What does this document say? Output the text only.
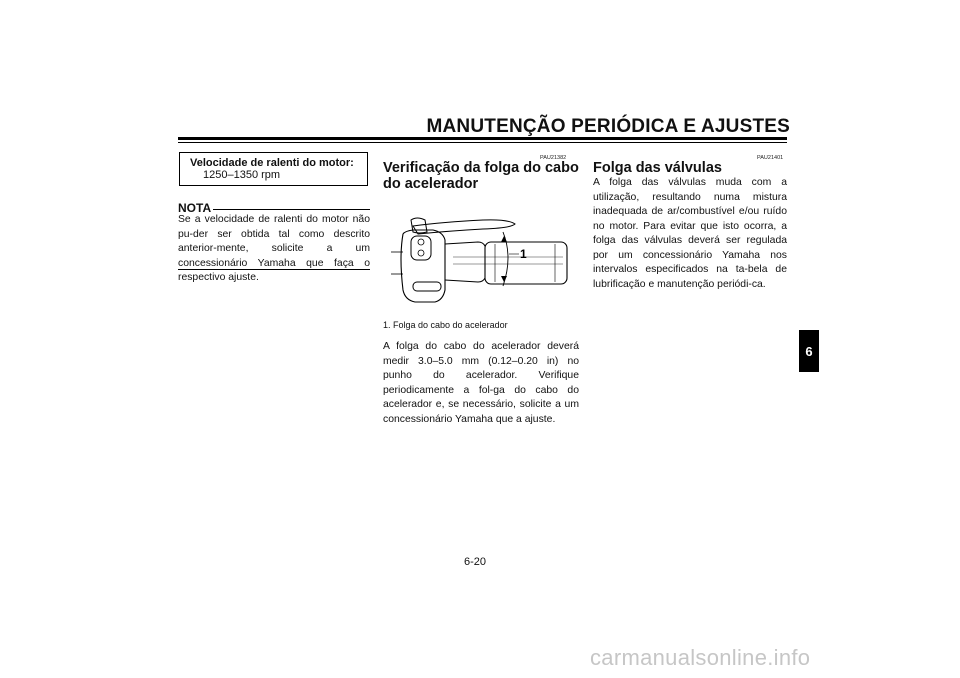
MANUTENÇÃO PERIÓDICA E AJUSTES
Velocidade de ralenti do motor:
1250–1350 rpm
NOTA
Se a velocidade de ralenti do motor não pu-der ser obtida tal como descrito anterior-mente, solicite a um concessionário Yamaha que faça o respectivo ajuste.
PAU21382
Verificação da folga do cabo do acelerador
1
1. Folga do cabo do acelerador
A folga do cabo do acelerador deverá medir 3.0–5.0 mm (0.12–0.20 in) no punho do acelerador. Verifique periodicamente a fol-ga do cabo do acelerador e, se necessário, solicite a um concessionário Yamaha que a ajuste.
PAU21401
Folga das válvulas
A folga das válvulas muda com a utilização, resultando numa mistura inadequada de ar/combustível e/ou ruído no motor. Para evitar que isto ocorra, a folga das válvulas deverá ser regulada por um concessionário Yamaha nos intervalos especificados na ta-bela de lubrificação e manutenção periódi-ca.
6
6-20
carmanualsonline.info
